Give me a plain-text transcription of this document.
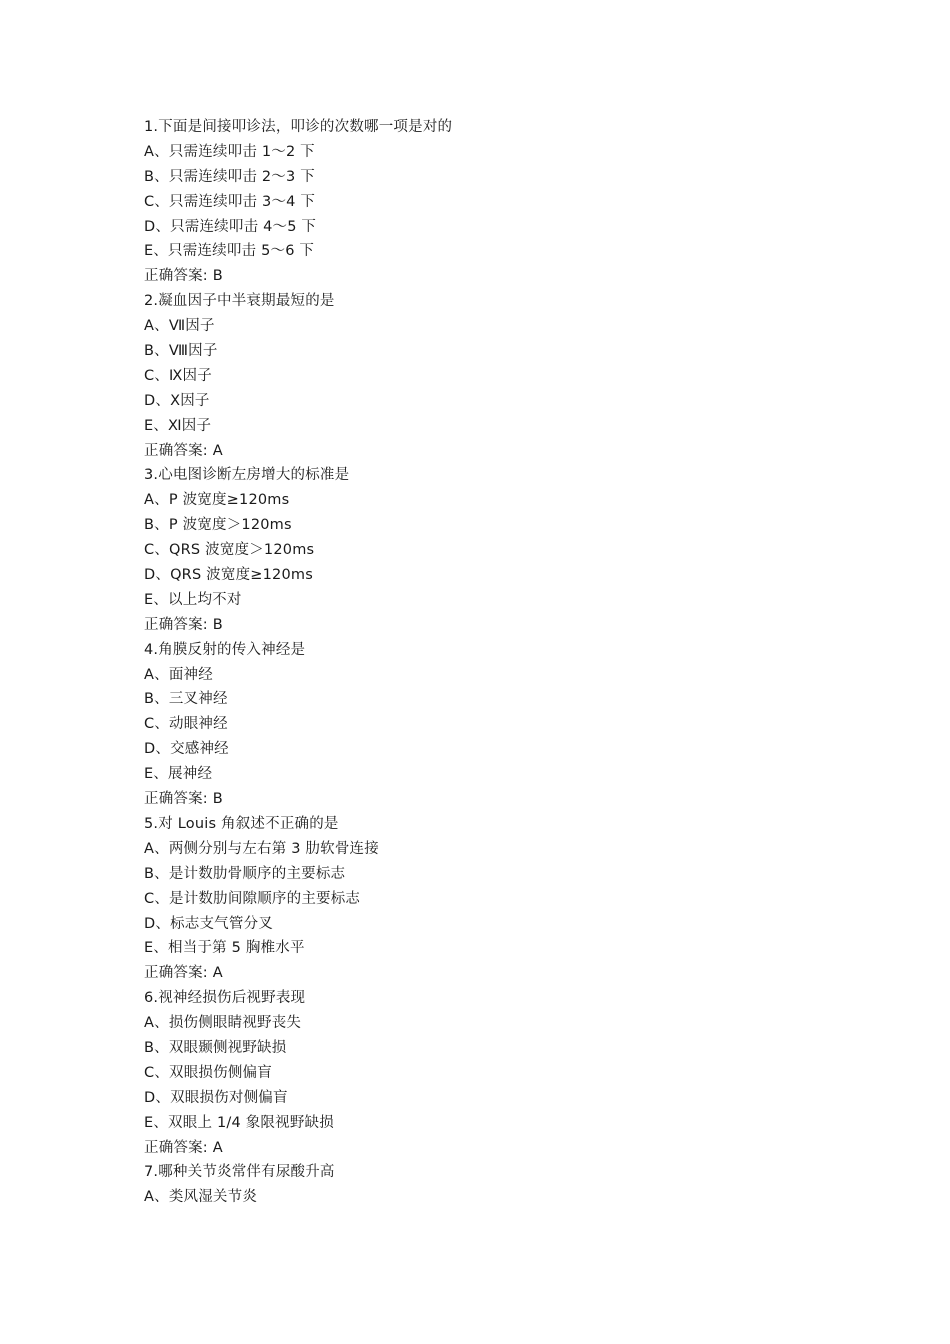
1.下面是间接叩诊法，叩诊的次数哪一项是对的
A、只需连续叩击 1～2 下
B、只需连续叩击 2～3 下
C、只需连续叩击 3～4 下
D、只需连续叩击 4～5 下
E、只需连续叩击 5～6 下
正确答案: B
2.凝血因子中半衰期最短的是
A、Ⅶ因子
B、Ⅷ因子
C、Ⅸ因子
D、Ⅹ因子
E、Ⅺ因子
正确答案: A
3.心电图诊断左房增大的标准是
A、P 波宽度≥120ms
B、P 波宽度＞120ms
C、QRS 波宽度＞120ms
D、QRS 波宽度≥120ms
E、以上均不对
正确答案: B
4.角膜反射的传入神经是
A、面神经
B、三叉神经
C、动眼神经
D、交感神经
E、展神经
正确答案: B
5.对 Louis 角叙述不正确的是
A、两侧分别与左右第 3 肋软骨连接
B、是计数肋骨顺序的主要标志
C、是计数肋间隙顺序的主要标志
D、标志支气管分叉
E、相当于第 5 胸椎水平
正确答案: A
6.视神经损伤后视野表现
A、损伤侧眼睛视野丧失
B、双眼颞侧视野缺损
C、双眼损伤侧偏盲
D、双眼损伤对侧偏盲
E、双眼上 1/4 象限视野缺损
正确答案: A
7.哪种关节炎常伴有尿酸升高
A、类风湿关节炎
